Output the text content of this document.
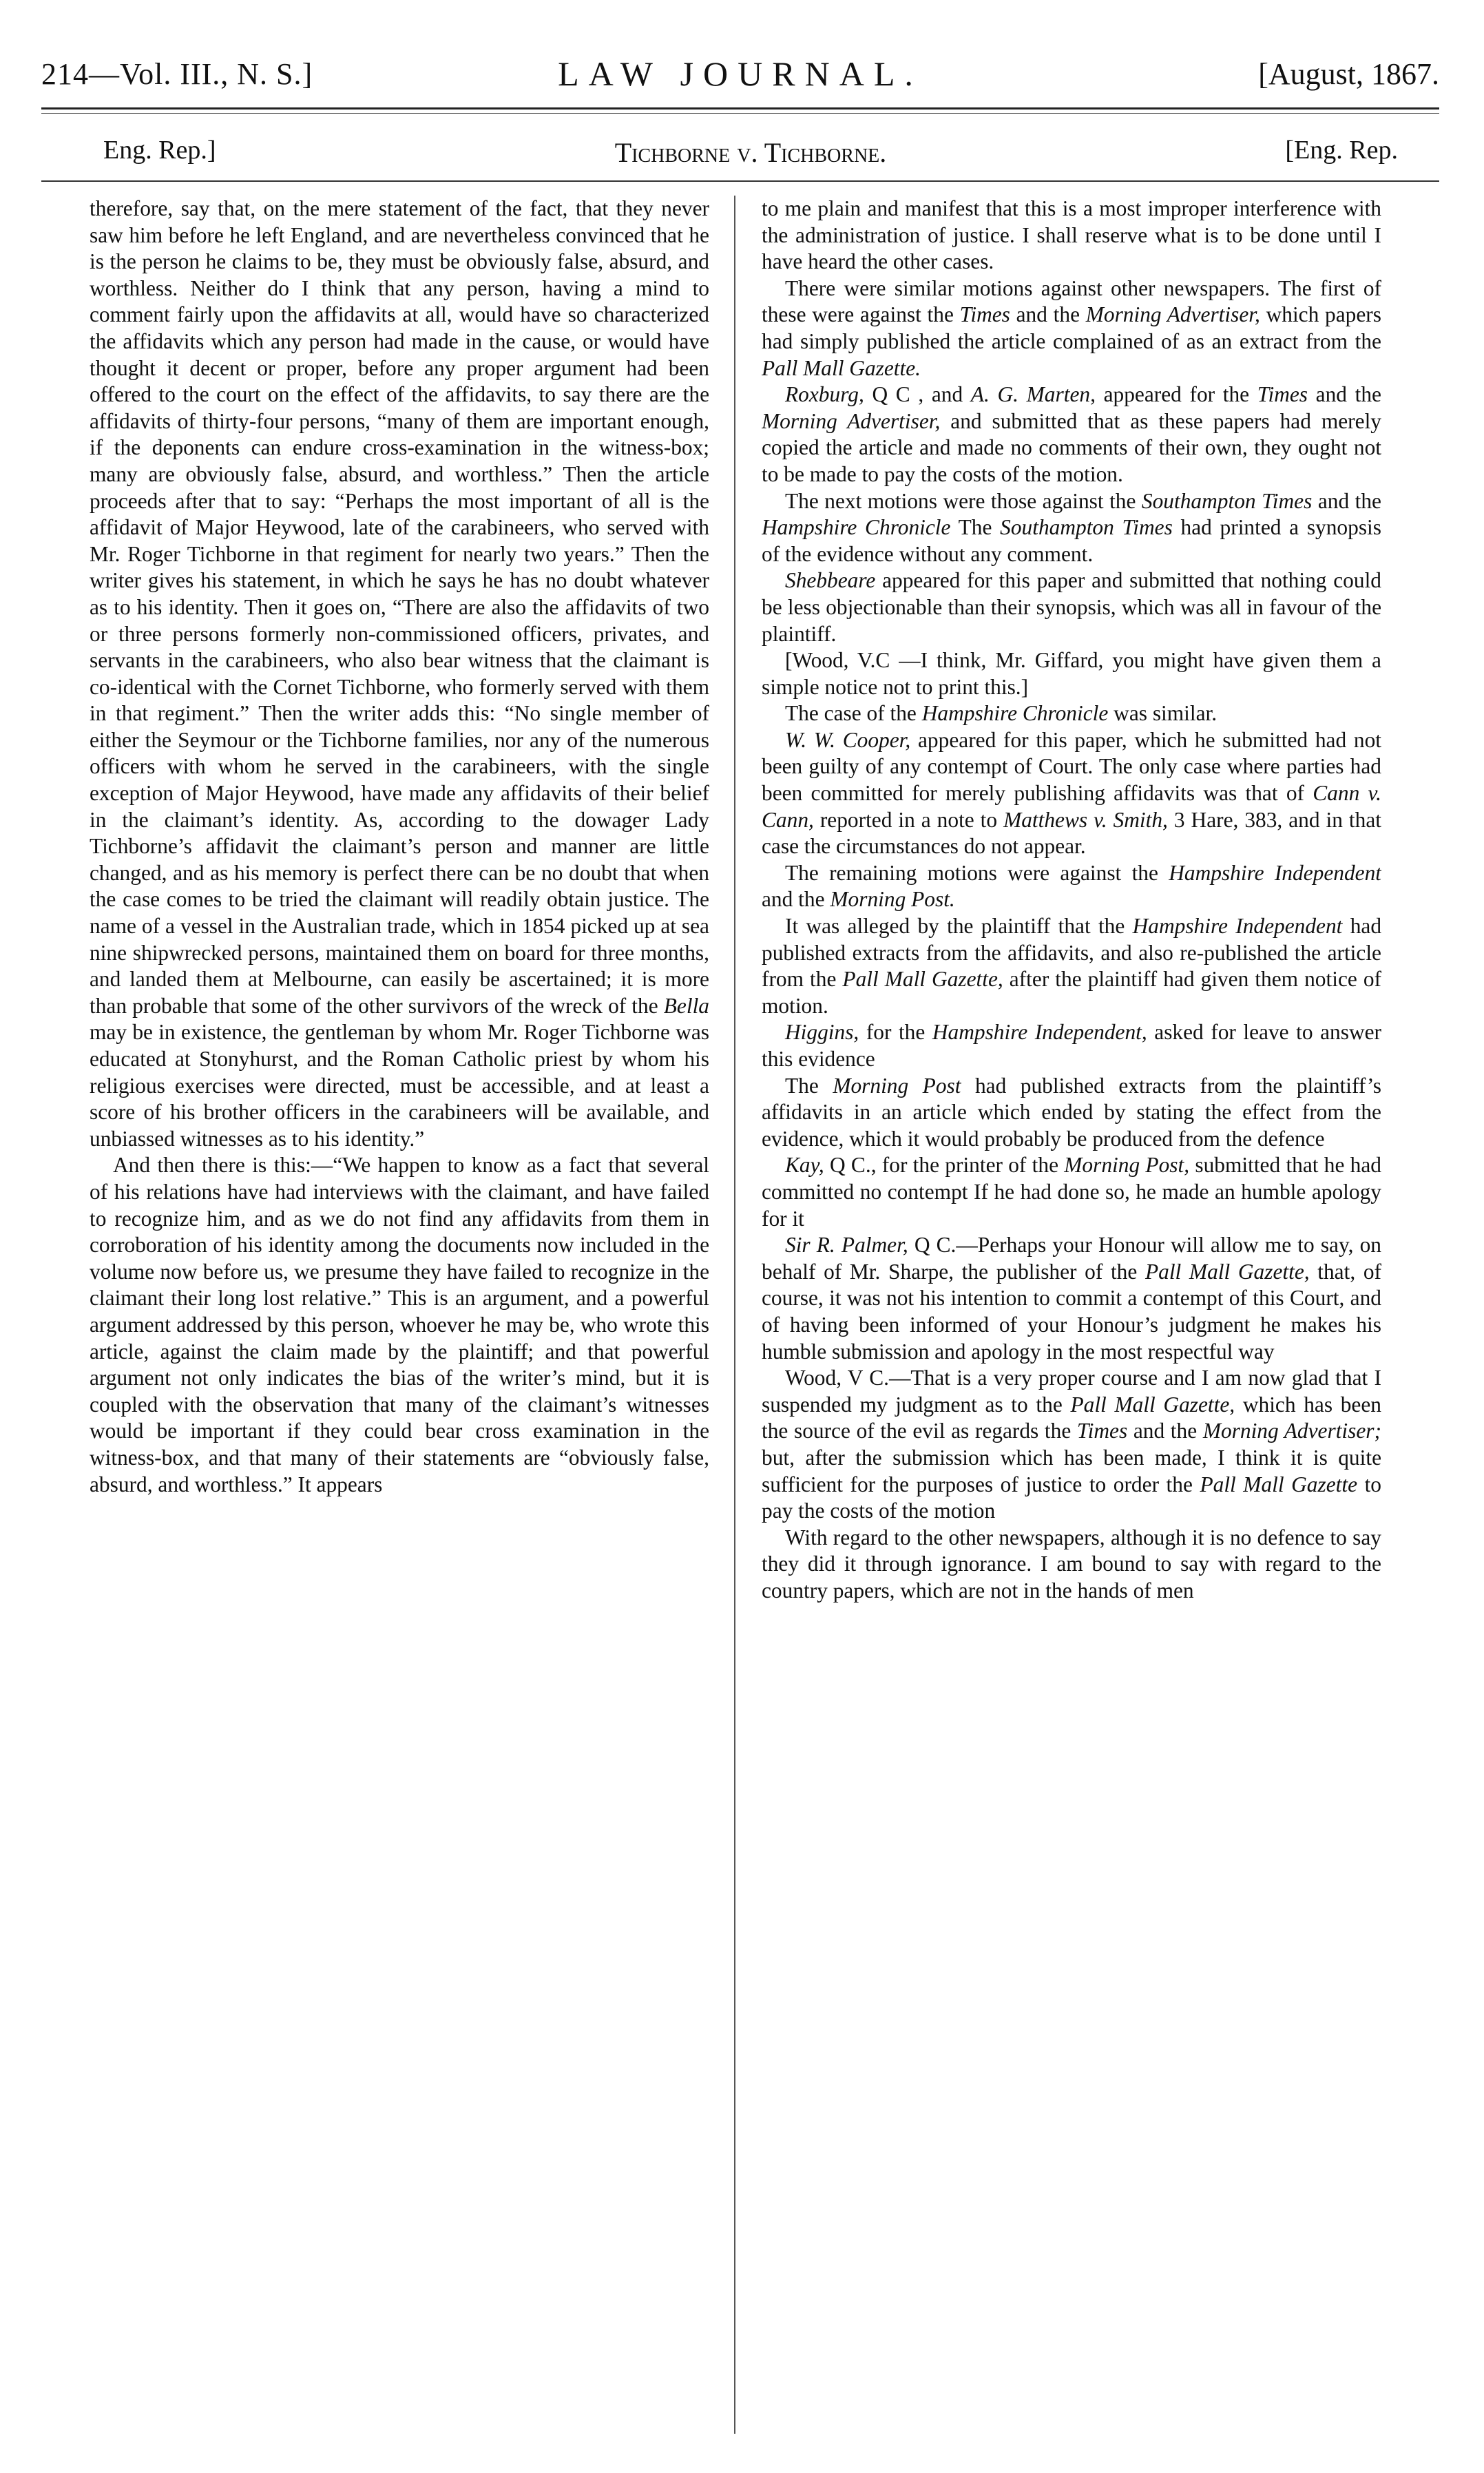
214—Vol. III., N. S.]	LAW JOURNAL.	[August, 1867.
Eng. Rep.]	Tichborne v. Tichborne.	[Eng. Rep.

therefore, say that, on the mere statement of the fact, that they never saw him before he left England, and are nevertheless convinced that he is the person he claims to be, they must be obviously false, absurd, and worthless. Neither do I think that any person, having a mind to comment fairly upon the affidavits at all, would have so characterized the affidavits which any person had made in the cause, or would have thought it decent or proper, before any proper argument had been offered to the court on the effect of the affidavits, to say there are the affidavits of thirty-four persons, “many of them are important enough, if the deponents can endure cross-examination in the witness-box; many are obviously false, absurd, and worthless.” Then the article proceeds after that to say: “Perhaps the most important of all is the affidavit of Major Heywood, late of the carabineers, who served with Mr. Roger Tichborne in that regiment for nearly two years.” Then the writer gives his statement, in which he says he has no doubt whatever as to his identity. Then it goes on, “There are also the affidavits of two or three persons formerly non-commissioned officers, privates, and servants in the carabineers, who also bear witness that the claimant is co-identical with the Cornet Tichborne, who formerly served with them in that regiment.” Then the writer adds this: “No single member of either the Seymour or the Tichborne families, nor any of the numerous officers with whom he served in the carabineers, with the single exception of Major Heywood, have made any affidavits of their belief in the claimant’s identity. As, according to the dowager Lady Tichborne’s affidavit the claimant’s person and manner are little changed, and as his memory is perfect there can be no doubt that when the case comes to be tried the claimant will readily obtain justice. The name of a vessel in the Australian trade, which in 1854 picked up at sea nine shipwrecked persons, maintained them on board for three months, and landed them at Melbourne, can easily be ascertained; it is more than probable that some of the other survivors of the wreck of the Bella may be in existence, the gentleman by whom Mr. Roger Tichborne was educated at Stonyhurst, and the Roman Catholic priest by whom his religious exercises were directed, must be accessible, and at least a score of his brother officers in the carabineers will be available, and unbiassed witnesses as to his identity.”

And then there is this:—“We happen to know as a fact that several of his relations have had interviews with the claimant, and have failed to recognize him, and as we do not find any affidavits from them in corroboration of his identity among the documents now included in the volume now before us, we presume they have failed to recognize in the claimant their long lost relative.” This is an argument, and a powerful argument addressed by this person, whoever he may be, who wrote this article, against the claim made by the plaintiff; and that powerful argument not only indicates the bias of the writer’s mind, but it is coupled with the observation that many of the claimant’s witnesses would be important if they could bear cross examination in the witness-box, and that many of their statements are “obviously false, absurd, and worthless.” It appears

to me plain and manifest that this is a most improper interference with the administration of justice. I shall reserve what is to be done until I have heard the other cases.

There were similar motions against other newspapers. The first of these were against the Times and the Morning Advertiser, which papers had simply published the article complained of as an extract from the Pall Mall Gazette.

Roxburg, Q C , and A. G. Marten, appeared for the Times and the Morning Advertiser, and submitted that as these papers had merely copied the article and made no comments of their own, they ought not to be made to pay the costs of the motion.

The next motions were those against the Southampton Times and the Hampshire Chronicle The Southampton Times had printed a synopsis of the evidence without any comment.

Shebbeare appeared for this paper and submitted that nothing could be less objectionable than their synopsis, which was all in favour of the plaintiff.

[Wood, V.C —I think, Mr. Giffard, you might have given them a simple notice not to print this.]

The case of the Hampshire Chronicle was similar.

W. W. Cooper, appeared for this paper, which he submitted had not been guilty of any contempt of Court. The only case where parties had been committed for merely publishing affidavits was that of Cann v. Cann, reported in a note to Matthews v. Smith, 3 Hare, 383, and in that case the circumstances do not appear.

The remaining motions were against the Hampshire Independent and the Morning Post.

It was alleged by the plaintiff that the Hampshire Independent had published extracts from the affidavits, and also re-published the article from the Pall Mall Gazette, after the plaintiff had given them notice of motion.

Higgins, for the Hampshire Independent, asked for leave to answer this evidence

The Morning Post had published extracts from the plaintiff’s affidavits in an article which ended by stating the effect from the evidence, which it would probably be produced from the defence

Kay, Q C., for the printer of the Morning Post, submitted that he had committed no contempt If he had done so, he made an humble apology for it

Sir R. Palmer, Q C.—Perhaps your Honour will allow me to say, on behalf of Mr. Sharpe, the publisher of the Pall Mall Gazette, that, of course, it was not his intention to commit a contempt of this Court, and of having been informed of your Honour’s judgment he makes his humble submission and apology in the most respectful way

Wood, V C.—That is a very proper course and I am now glad that I suspended my judgment as to the Pall Mall Gazette, which has been the source of the evil as regards the Times and the Morning Advertiser; but, after the submission which has been made, I think it is quite sufficient for the purposes of justice to order the Pall Mall Gazette to pay the costs of the motion

With regard to the other newspapers, although it is no defence to say they did it through ignorance. I am bound to say with regard to the country papers, which are not in the hands of men
